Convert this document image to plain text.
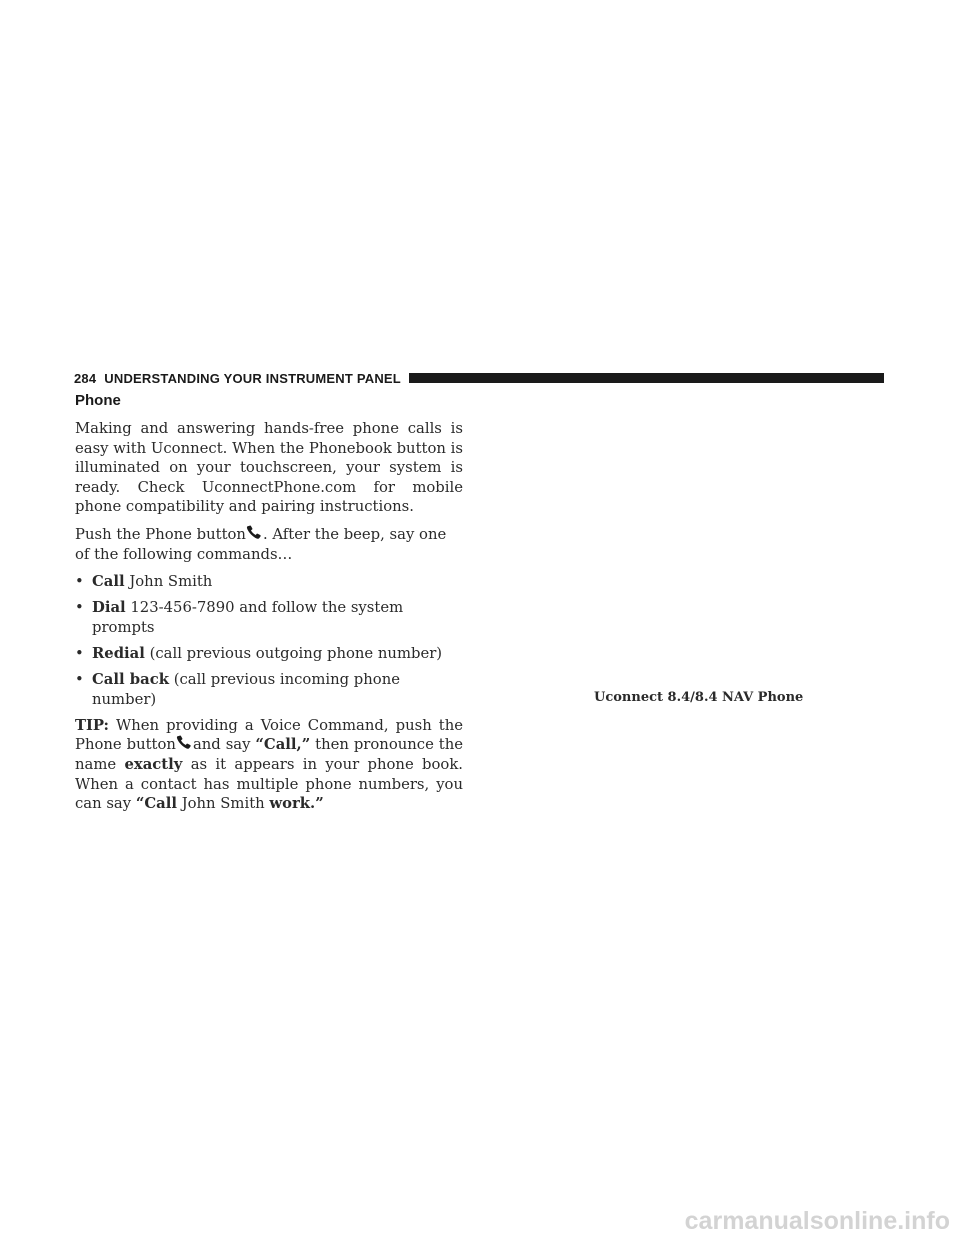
284 UNDERSTANDING YOUR INSTRUMENT PANEL
Phone

Making and answering hands-free phone calls is easy with Uconnect. When the Phonebook button is illuminated on your touchscreen, your system is ready. Check UconnectPhone.com for mobile phone compatibility and pairing instructions.

Push the Phone button . After the beep, say one of the following commands…

• Call John Smith
• Dial 123-456-7890 and follow the system prompts
• Redial (call previous outgoing phone number)
• Call back (call previous incoming phone number)

TIP: When providing a Voice Command, push the Phone button and say “Call,” then pronounce the name exactly as it appears in your phone book. When a contact has multiple phone numbers, you can say “Call John Smith work.”

Uconnect 8.4/8.4 NAV Phone
carmanualsonline.info
